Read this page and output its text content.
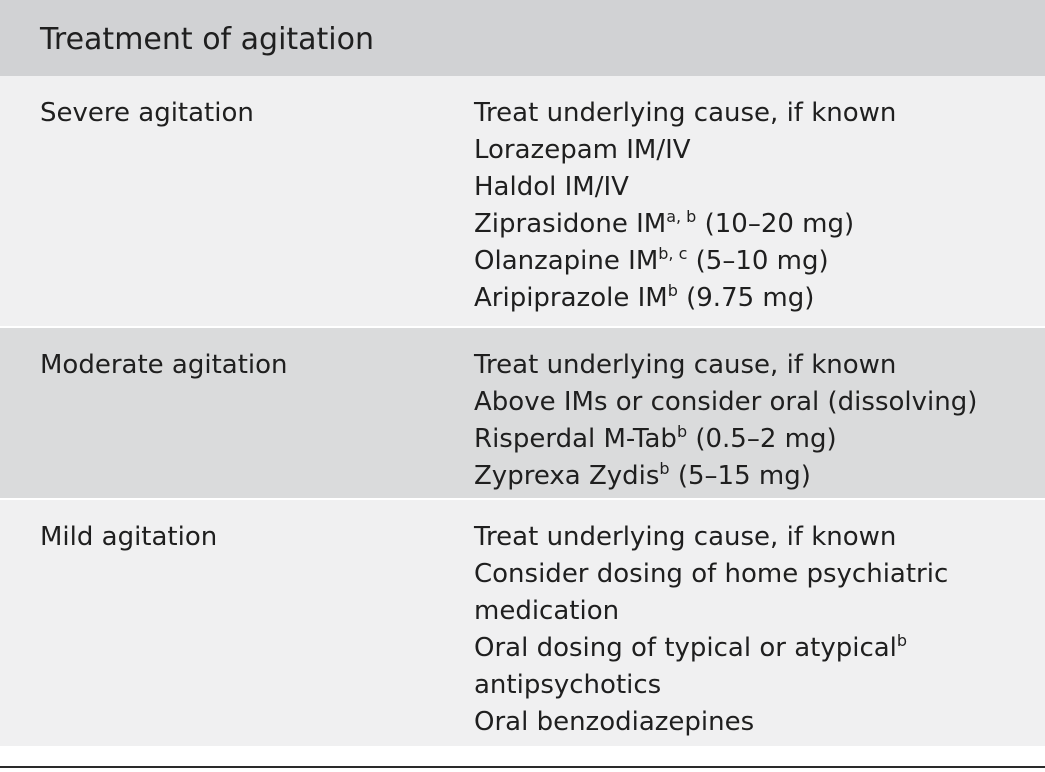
Treatment of agitation
Severe agitation	Treat underlying cause, if known
Lorazepam IM/IV
Haldol IM/IV
Ziprasidone IM$^{a, b}$ (10–20 mg)
Olanzapine IM$^{b, c}$ (5–10 mg)
Aripiprazole $IM^b$ (9.75 mg)
Moderate agitation	Treat underlying cause, if known
Above IMs or consider oral (dissolving)
Risperdal M-Tab$^b$ (0.5–2 mg)
Zyprexa Zydis$^b$ (5–15 mg)
Mild agitation	Treat underlying cause, if known
Consider dosing of home psychiatric
medication
Oral dosing of typical or atypical$^b$
antipsychotics
Oral benzodiazepines
